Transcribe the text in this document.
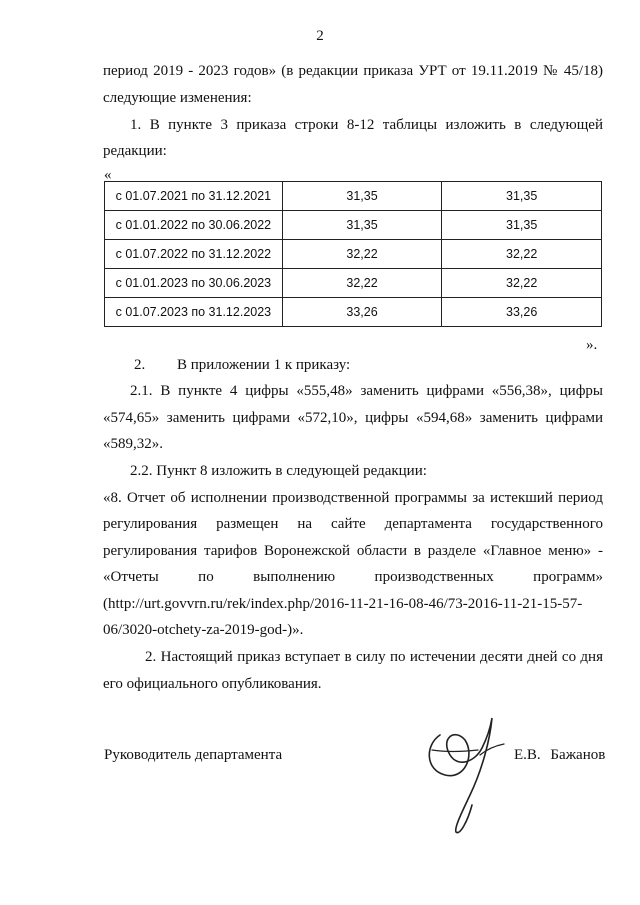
2
период 2019 - 2023 годов» (в редакции приказа УРТ от 19.11.2019 № 45/18)
следующие изменения:
1. В пункте 3 приказа строки 8-12 таблицы изложить в следующей
редакции:
«
с 01.07.2021 по 31.12.2021	31,35	31,35
с 01.01.2022 по 30.06.2022	31,35	31,35
с 01.07.2022 по 31.12.2022	32,22	32,22
с 01.01.2023 по 30.06.2023	32,22	32,22
с 01.07.2023 по 31.12.2023	33,26	33,26
».
2.	В приложении 1 к приказу:
2.1. В пункте 4 цифры «555,48» заменить цифрами «556,38», цифры
«574,65» заменить цифрами «572,10», цифры «594,68» заменить цифрами
«589,32».
2.2. Пункт 8 изложить в следующей редакции:
«8. Отчет об исполнении производственной программы за истекший период
регулирования размещен на сайте департамента государственного
регулирования тарифов Воронежской области в разделе «Главное меню» -
«Отчеты по выполнению производственных программ»
(http://urt.govvrn.ru/rek/index.php/2016-11-21-16-08-46/73-2016-11-21-15-57-
06/3020-otchety-za-2019-god-)».
2. Настоящий приказ вступает в силу по истечении десяти дней со дня
его официального опубликования.
Руководитель департамента	Е.В. Бажанов
